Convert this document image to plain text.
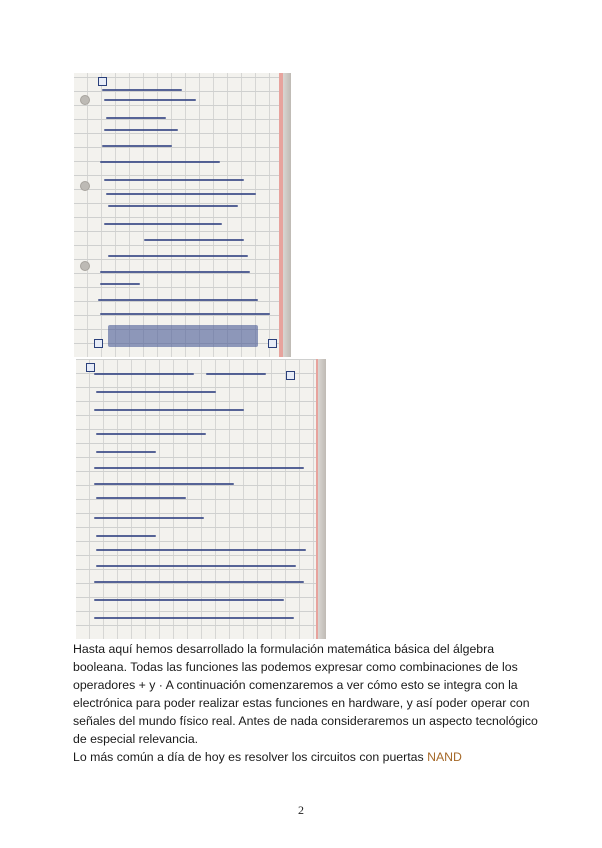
Hasta aquí hemos desarrollado la formulación matemática básica del álgebra booleana. Todas las funciones las podemos expresar como combinaciones de los operadores + y · A continuación comenzaremos a ver cómo esto se integra con la electrónica para poder realizar estas funciones en hardware, y así poder operar con señales del mundo físico real. Antes de nada consideraremos un aspecto tecnológico de especial relevancia.

Lo más común a día de hoy es resolver los circuitos con puertas NAND

2
